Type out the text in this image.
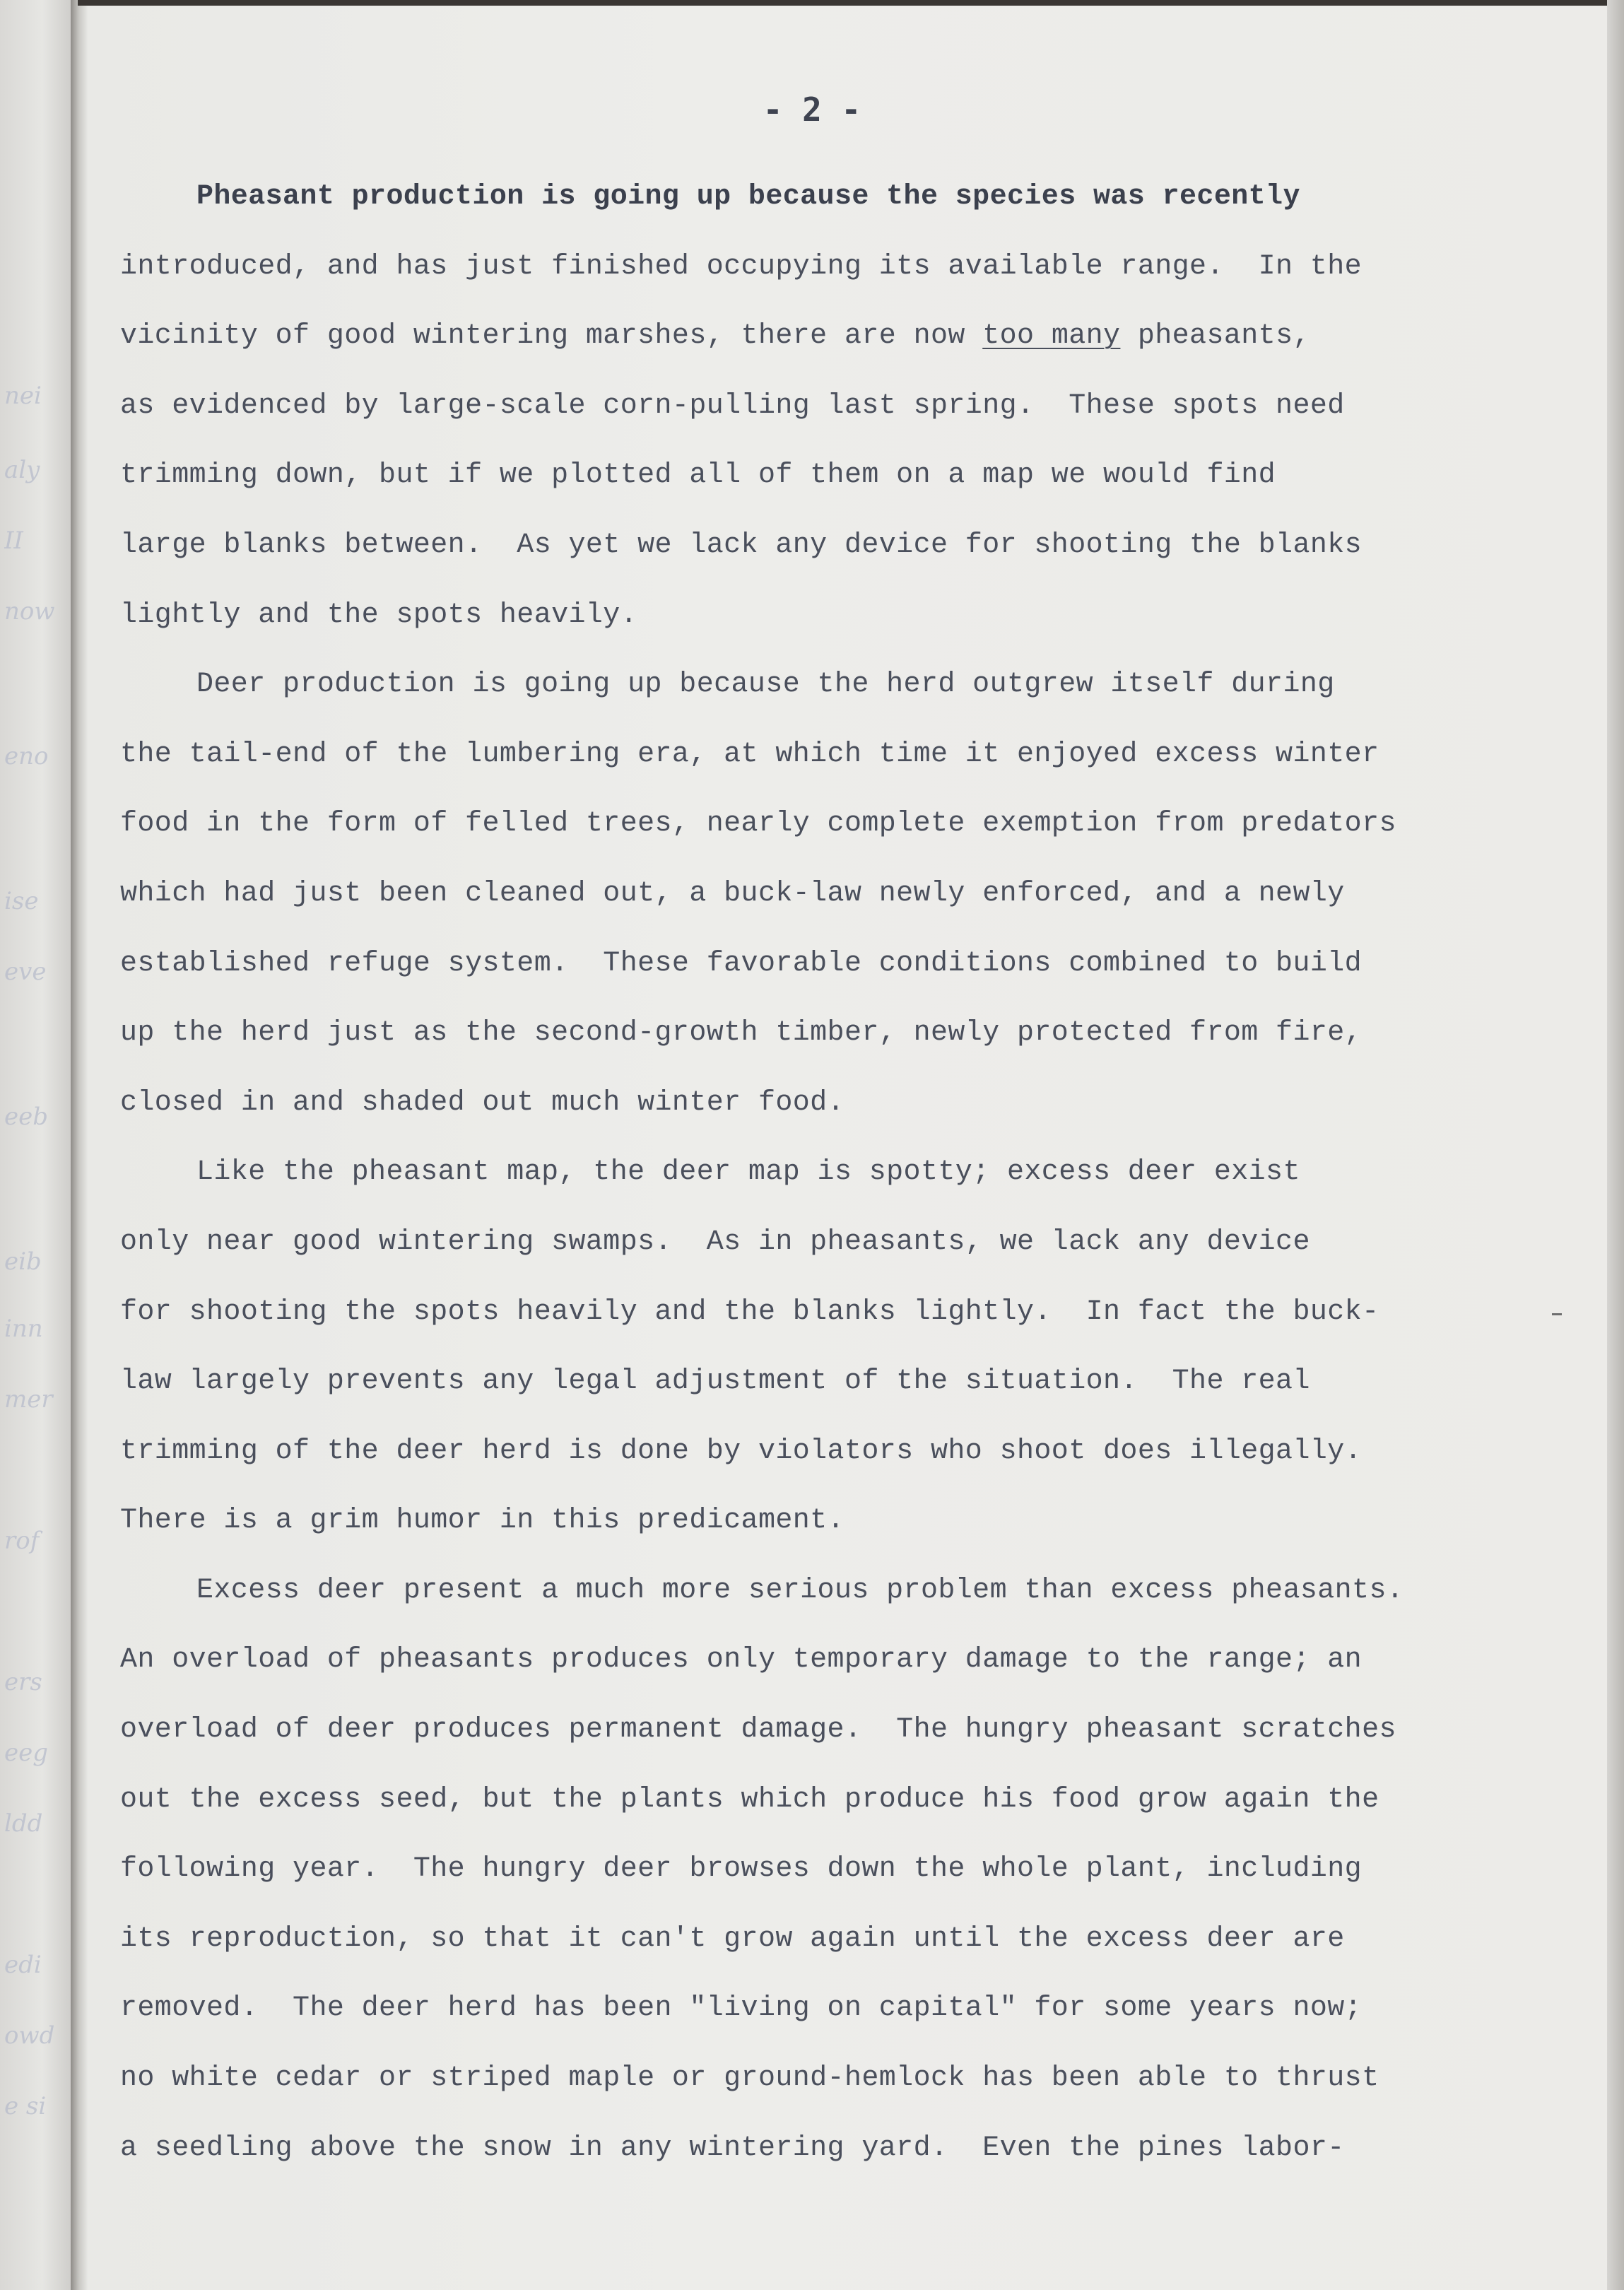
nei
aly
II
now
eno
ise
eve
eeb
eib
inn
mer
rof
ers
eeg
ldd
edi
owd
e si
- 2 -
Pheasant production is going up because the species was recently
introduced, and has just finished occupying its available range.  In the
vicinity of good wintering marshes, there are now too many pheasants,
as evidenced by large-scale corn-pulling last spring.  These spots need
trimming down, but if we plotted all of them on a map we would find
large blanks between.  As yet we lack any device for shooting the blanks
lightly and the spots heavily.
Deer production is going up because the herd outgrew itself during
the tail-end of the lumbering era, at which time it enjoyed excess winter
food in the form of felled trees, nearly complete exemption from predators
which had just been cleaned out, a buck-law newly enforced, and a newly
established refuge system.  These favorable conditions combined to build
up the herd just as the second-growth timber, newly protected from fire,
closed in and shaded out much winter food.
Like the pheasant map, the deer map is spotty; excess deer exist
only near good wintering swamps.  As in pheasants, we lack any device
for shooting the spots heavily and the blanks lightly.  In fact the buck-
law largely prevents any legal adjustment of the situation.  The real
trimming of the deer herd is done by violators who shoot does illegally.
There is a grim humor in this predicament.
Excess deer present a much more serious problem than excess pheasants.
An overload of pheasants produces only temporary damage to the range; an
overload of deer produces permanent damage.  The hungry pheasant scratches
out the excess seed, but the plants which produce his food grow again the
following year.  The hungry deer browses down the whole plant, including
its reproduction, so that it can't grow again until the excess deer are
removed.  The deer herd has been "living on capital" for some years now;
no white cedar or striped maple or ground-hemlock has been able to thrust
a seedling above the snow in any wintering yard.  Even the pines labor-
